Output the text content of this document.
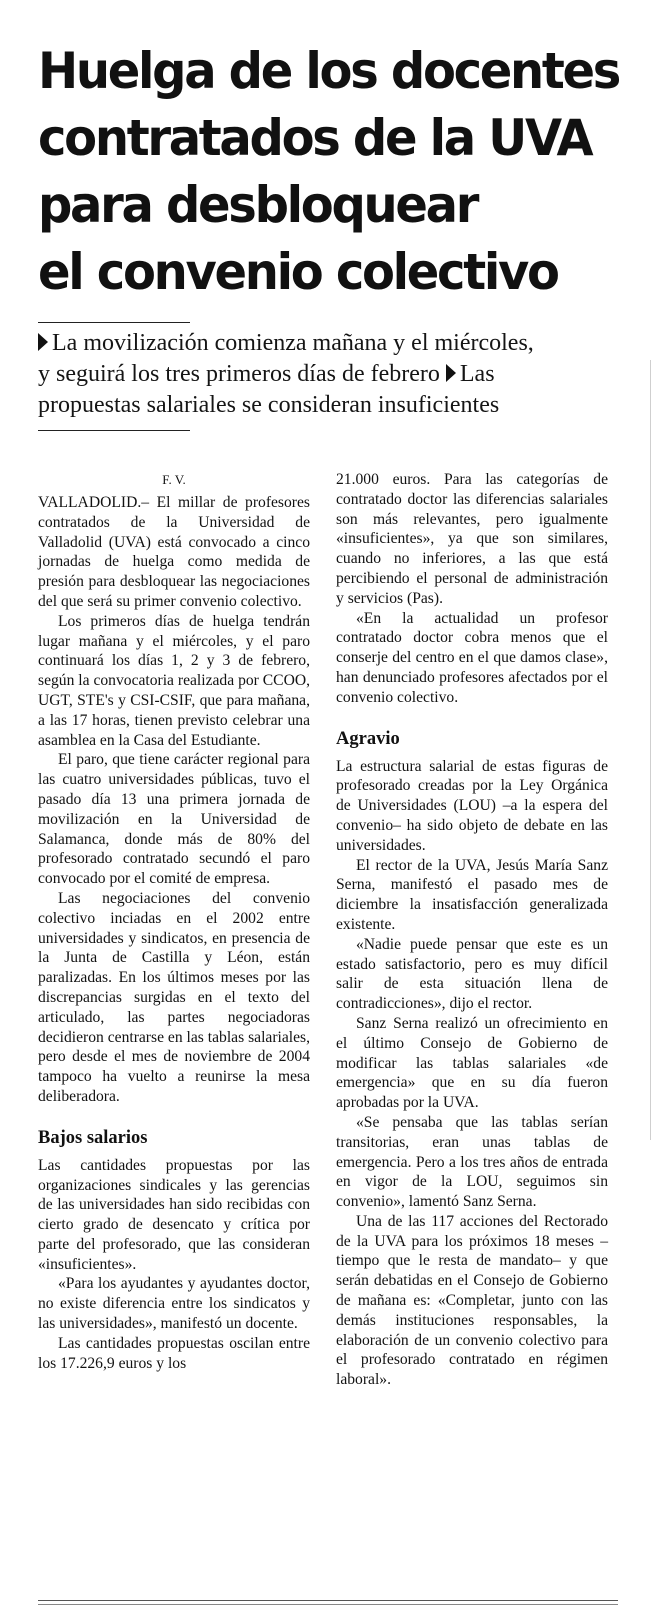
Huelga de los docentes
contratados de la UVA
para desbloquear
el convenio colectivo
La movilización comienza mañana y el miércoles,
y seguirá los tres primeros días de febrero Las
propuestas salariales se consideran insuficientes
F. V.

VALLADOLID.– El millar de profesores contratados de la Universidad de Valladolid (UVA) está convocado a cinco jornadas de huelga como medida de presión para desbloquear las negociaciones del que será su primer convenio colectivo.

Los primeros días de huelga tendrán lugar mañana y el miércoles, y el paro continuará los días 1, 2 y 3 de febrero, según la convocatoria realizada por CCOO, UGT, STE's y CSI-CSIF, que para mañana, a las 17 horas, tienen previsto celebrar una asamblea en la Casa del Estudiante.

El paro, que tiene carácter regional para las cuatro universidades públicas, tuvo el pasado día 13 una primera jornada de movilización en la Universidad de Salamanca, donde más de 80% del profesorado contratado secundó el paro convocado por el comité de empresa.

Las negociaciones del convenio colectivo inciadas en el 2002 entre universidades y sindicatos, en presencia de la Junta de Castilla y Léon, están paralizadas. En los últimos meses por las discrepancias surgidas en el texto del articulado, las partes negociadoras decidieron centrarse en las tablas salariales, pero desde el mes de noviembre de 2004 tampoco ha vuelto a reunirse la mesa deliberadora.

Bajos salarios

Las cantidades propuestas por las organizaciones sindicales y las gerencias de las universidades han sido recibidas con cierto grado de desencato y crítica por parte del profesorado, que las consideran «insuficientes».

«Para los ayudantes y ayudantes doctor, no existe diferencia entre los sindicatos y las universidades», manifestó un docente.

Las cantidades propuestas oscilan entre los 17.226,9 euros y los

21.000 euros. Para las categorías de contratado doctor las diferencias salariales son más relevantes, pero igualmente «insuficientes», ya que son similares, cuando no inferiores, a las que está percibiendo el personal de administración y servicios (Pas).

«En la actualidad un profesor contratado doctor cobra menos que el conserje del centro en el que damos clase», han denunciado profesores afectados por el convenio colectivo.

Agravio

La estructura salarial de estas figuras de profesorado creadas por la Ley Orgánica de Universidades (LOU) –a la espera del convenio– ha sido objeto de debate en las universidades.

El rector de la UVA, Jesús María Sanz Serna, manifestó el pasado mes de diciembre la insatisfacción generalizada existente.

«Nadie puede pensar que este es un estado satisfactorio, pero es muy difícil salir de esta situación llena de contradicciones», dijo el rector.

Sanz Serna realizó un ofrecimiento en el último Consejo de Gobierno de modificar las tablas salariales «de emergencia» que en su día fueron aprobadas por la UVA.

«Se pensaba que las tablas serían transitorias, eran unas tablas de emergencia. Pero a los tres años de entrada en vigor de la LOU, seguimos sin convenio», lamentó Sanz Serna.

Una de las 117 acciones del Rectorado de la UVA para los próximos 18 meses –tiempo que le resta de mandato– y que serán debatidas en el Consejo de Gobierno de mañana es: «Completar, junto con las demás instituciones responsables, la elaboración de un convenio colectivo para el profesorado contratado en régimen laboral».
